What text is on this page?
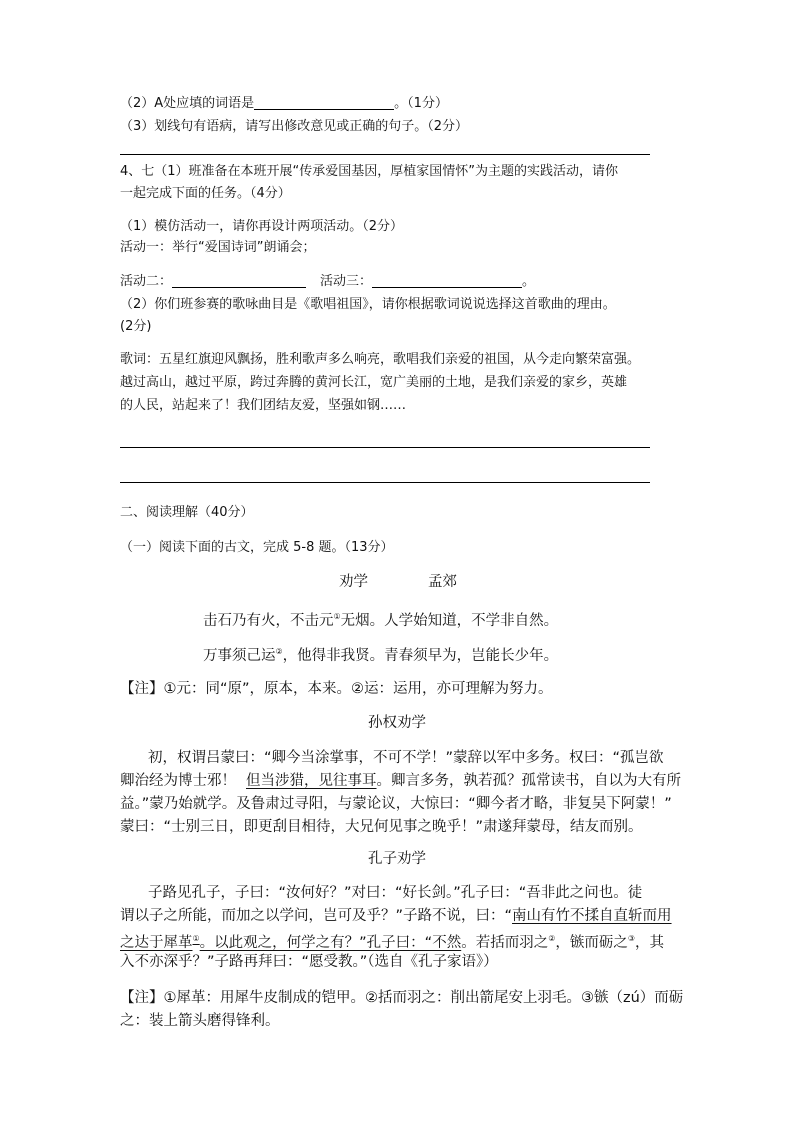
（2）A处应填的词语是	。（1分）
（3）划线句有语病，请写出修改意见或正确的句子。（2分）
4、七（1）班准备在本班开展“传承爱国基因，厚植家国情怀”为主题的实践活动，请你
一起完成下面的任务。（4分）
（1）模仿活动一，请你再设计两项活动。（2分）
活动一：举行“爱国诗词”朗诵会；
活动二：	活动三：	。
（2）你们班参赛的歌咏曲目是《歌唱祖国》，请你根据歌词说说选择这首歌曲的理由。
(2分)
歌词：五星红旗迎风飘扬，胜利歌声多么响亮，歌唱我们亲爱的祖国，从今走向繁荣富强。
越过高山，越过平原，跨过奔腾的黄河长江，宽广美丽的土地，是我们亲爱的家乡，英雄
的人民，站起来了！我们团结友爱，坚强如钢……
二、阅读理解（40分）
（一）阅读下面的古文，完成 5-8 题。（13分）
劝学	孟郊
击石乃有火，不击元①无烟。人学始知道，不学非自然。
万事须己运②，他得非我贤。青春须早为，岂能长少年。
【注】①元：同“原”，原本，本来。②运：运用，亦可理解为努力。
孙权劝学
初，权谓吕蒙曰：“卿今当涂掌事，不可不学！”蒙辞以军中多务。权曰：“孤岂欲
卿治经为博士邪！ 但当涉猎，见往事耳。卿言多务，孰若孤？孤常读书，自以为大有所
益。”蒙乃始就学。及鲁肃过寻阳，与蒙论议，大惊曰：“卿今者才略，非复吴下阿蒙！”
蒙曰：“士别三日，即更刮目相待，大兄何见事之晚乎！”肃遂拜蒙母，结友而别。
孔子劝学
子路见孔子，子曰：“汝何好？”对曰：“好长剑。”孔子曰：“吾非此之问也。徒
谓以子之所能，而加之以学问，岂可及乎？”子路不说，曰：“南山有竹不揉自直斩而用
之达于犀革①。以此观之，何学之有？”孔子曰：“不然。若括而羽之②，镞而砺之③，其
入不亦深乎？”子路再拜曰：“愿受教。”（选自《孔子家语》）
【注】①犀革：用犀牛皮制成的铠甲。②括而羽之：削出箭尾安上羽毛。③镞（zú）而砺
之：装上箭头磨得锋利。
